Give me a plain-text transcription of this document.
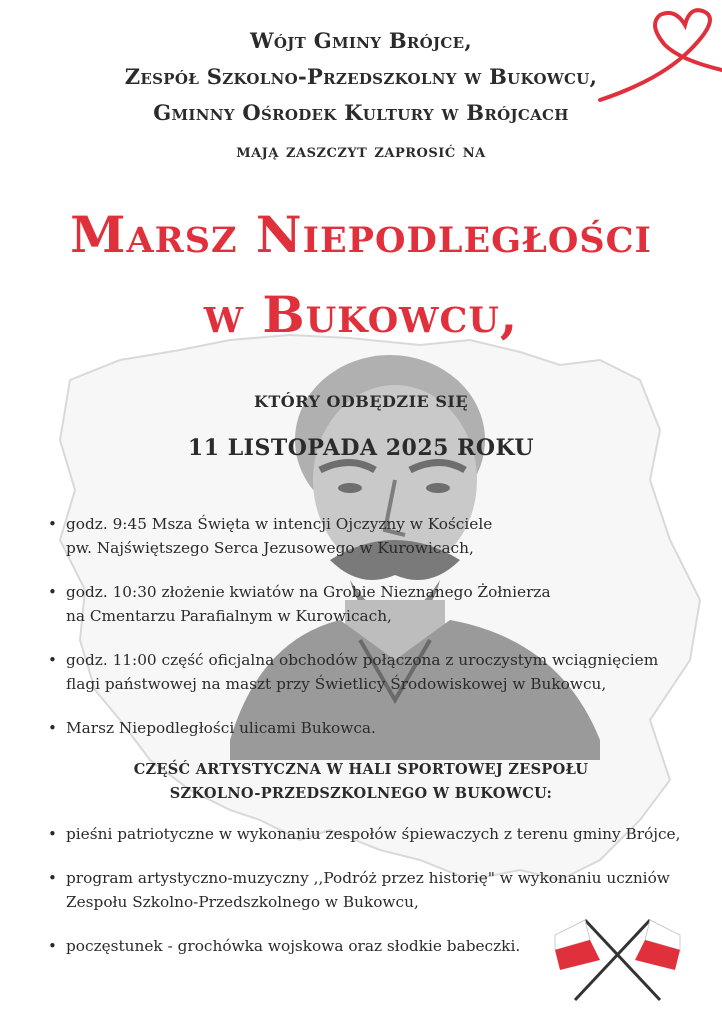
Wójt Gminy Brójce,
Zespół Szkolno-Przedszkolny w Bukowcu,
Gminny Ośrodek Kultury w Brójcach
mają zaszczyt zaprosić na
Marsz Niepodległości
w Bukowcu,
KTÓRY ODBĘDZIE SIĘ
11 LISTOPADA 2025 ROKU
• godz. 9:45 Msza Święta w intencji Ojczyzny w Kościele
pw. Najświętszego Serca Jezusowego w Kurowicach,
• godz. 10:30 złożenie kwiatów na Grobie Nieznanego Żołnierza
na Cmentarzu Parafialnym w Kurowicach,
• godz. 11:00 część oficjalna obchodów połączona z uroczystym wciągnięciem
flagi państwowej na maszt przy Świetlicy Środowiskowej w Bukowcu,
• Marsz Niepodległości ulicami Bukowca.
CZĘŚĆ ARTYSTYCZNA W HALI SPORTOWEJ ZESPOŁU
SZKOLNO-PRZEDSZKOLNEGO W BUKOWCU:
• pieśni patriotyczne w wykonaniu zespołów śpiewaczych z terenu gminy Brójce,
• program artystyczno-muzyczny ,,Podróż przez historię" w wykonaniu uczniów
Zespołu Szkolno-Przedszkolnego w Bukowcu,
• poczęstunek - grochówka wojskowa oraz słodkie babeczki.
